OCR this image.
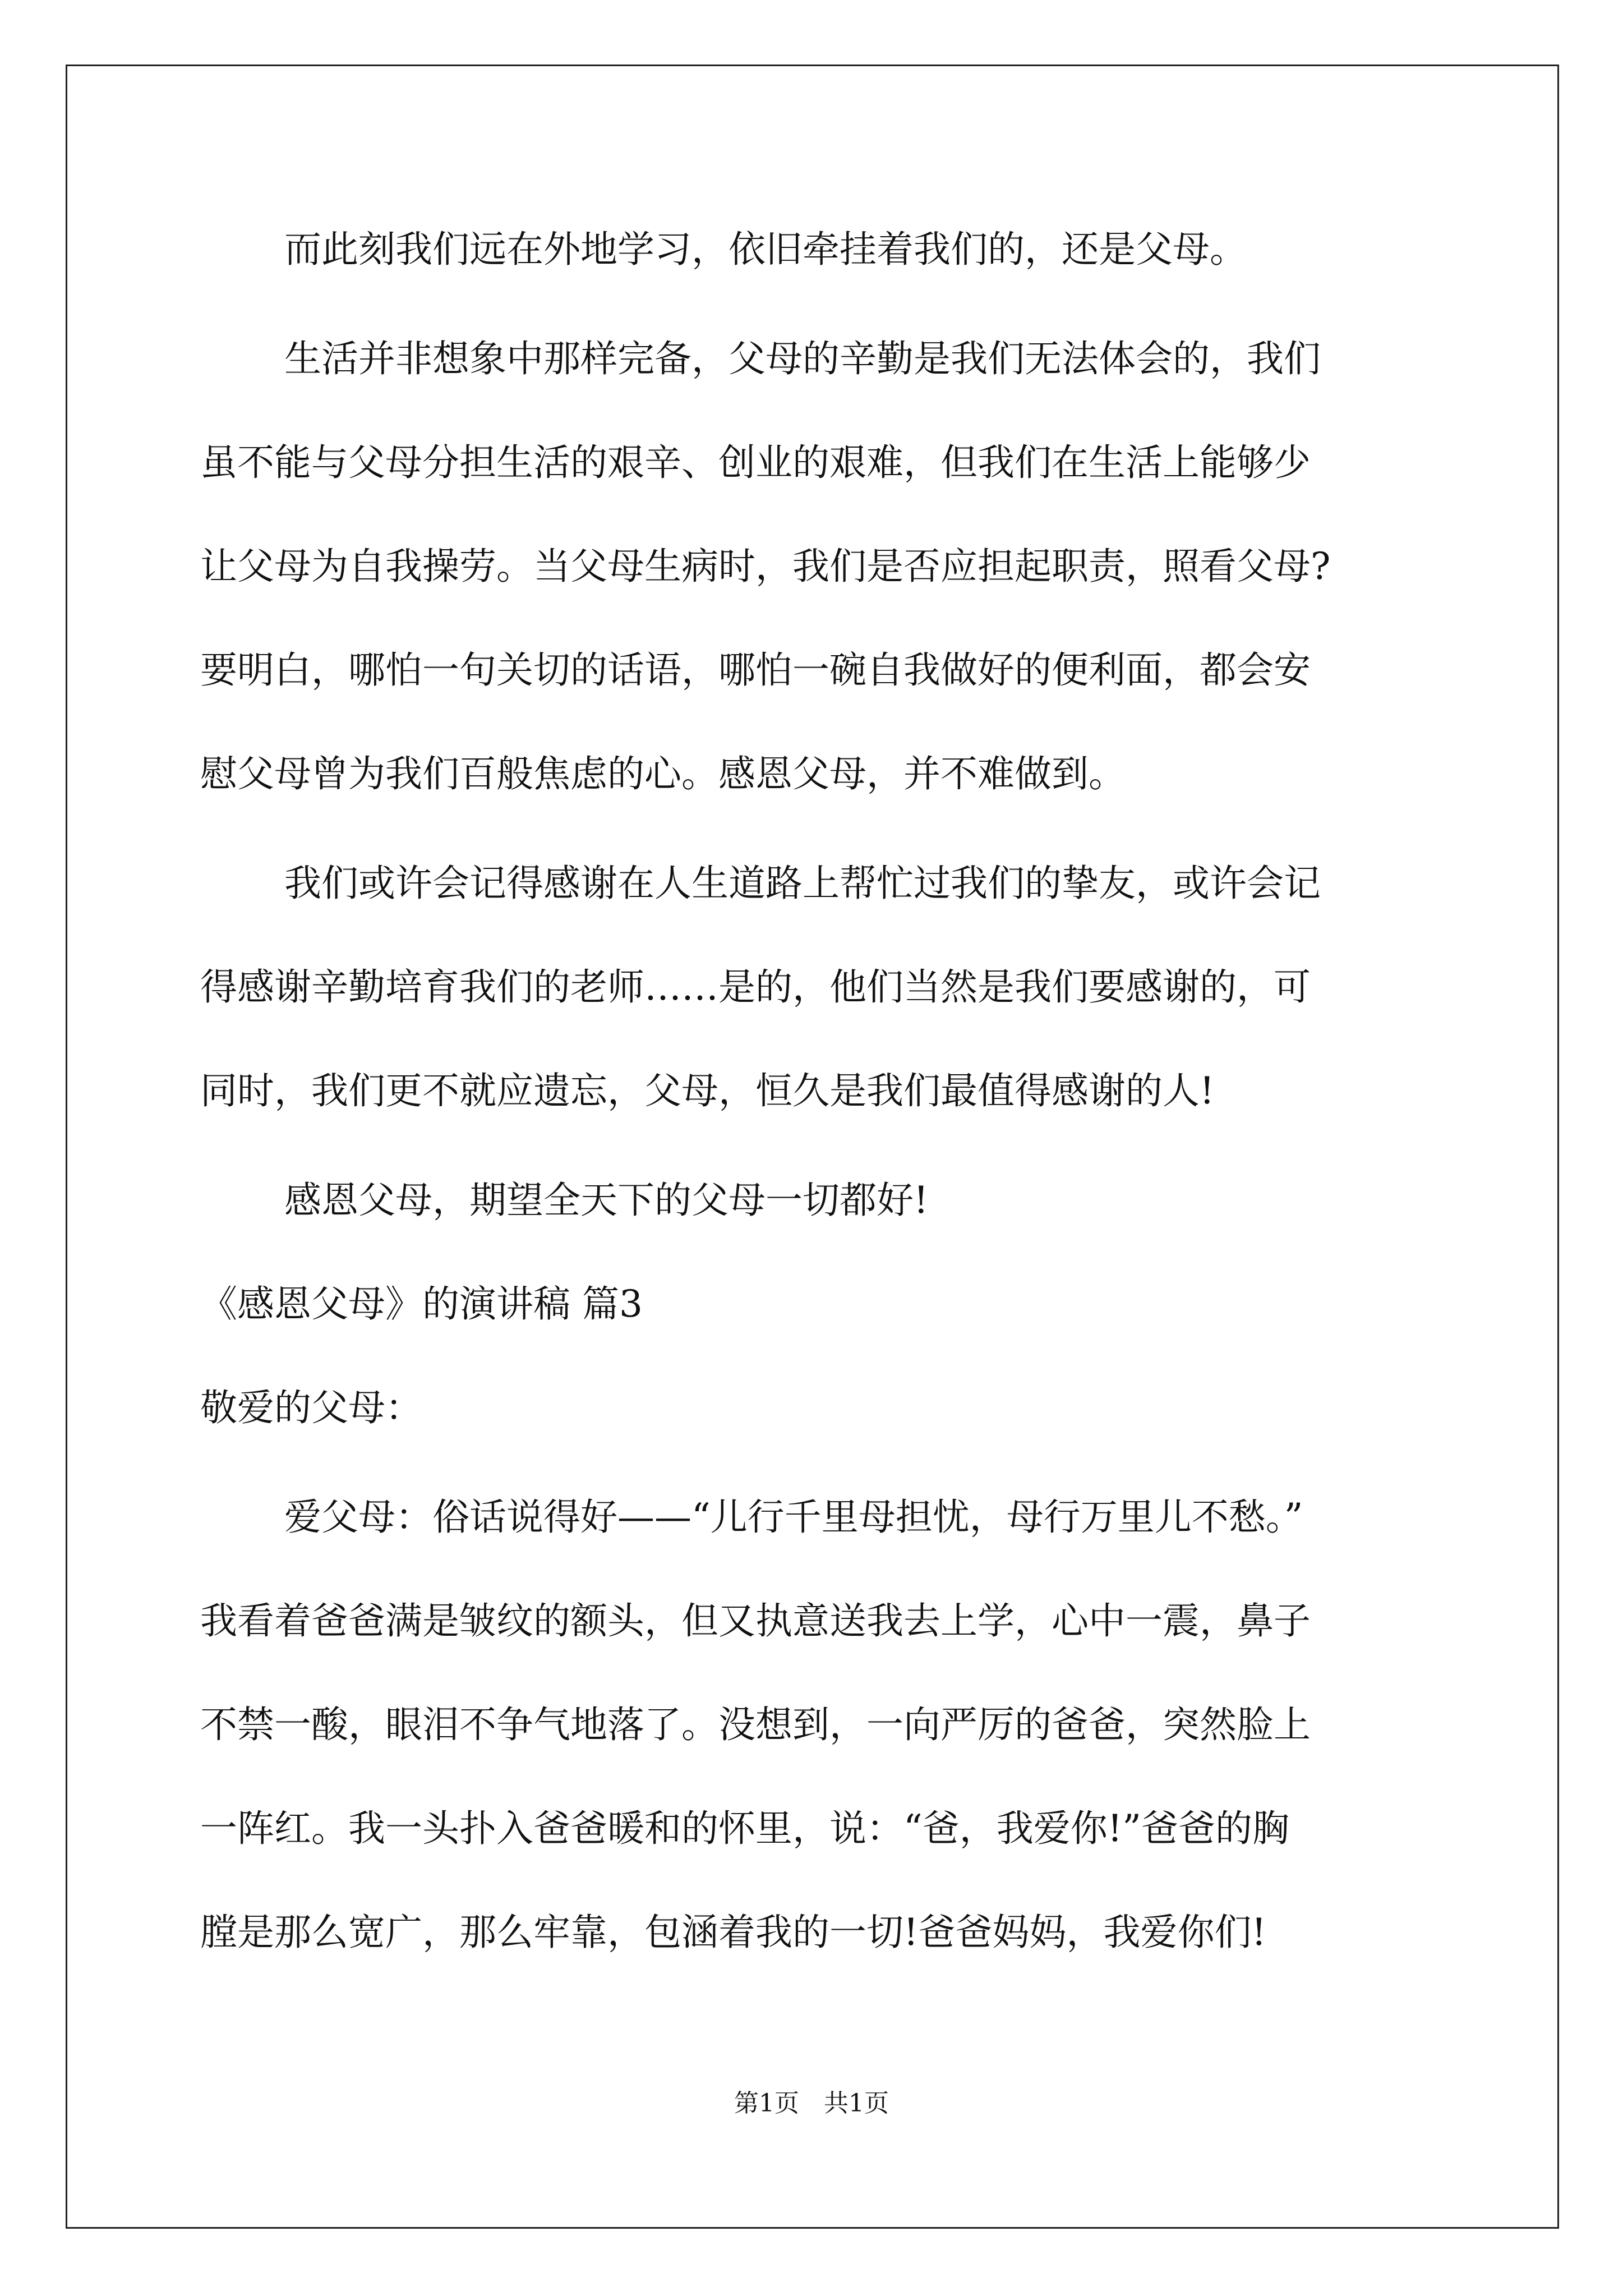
而此刻我们远在外地学习，依旧牵挂着我们的，还是父母。
生活并非想象中那样完备，父母的辛勤是我们无法体会的，我们
虽不能与父母分担生活的艰辛、创业的艰难，但我们在生活上能够少
让父母为自我操劳。当父母生病时，我们是否应担起职责，照看父母?
要明白，哪怕一句关切的话语，哪怕一碗自我做好的便利面，都会安
慰父母曾为我们百般焦虑的心。感恩父母，并不难做到。
我们或许会记得感谢在人生道路上帮忙过我们的挚友，或许会记
得感谢辛勤培育我们的老师……是的，他们当然是我们要感谢的，可
同时，我们更不就应遗忘，父母，恒久是我们最值得感谢的人!
感恩父母，期望全天下的父母一切都好!
《感恩父母》的演讲稿 篇3
敬爱的父母：
爱父母：俗话说得好——“儿行千里母担忧，母行万里儿不愁。”
我看着爸爸满是皱纹的额头，但又执意送我去上学，心中一震，鼻子
不禁一酸，眼泪不争气地落了。没想到，一向严厉的爸爸，突然脸上
一阵红。我一头扑入爸爸暖和的怀里，说：“爸，我爱你!”爸爸的胸
膛是那么宽广，那么牢靠，包涵着我的一切!爸爸妈妈，我爱你们!
第1页　共1页
